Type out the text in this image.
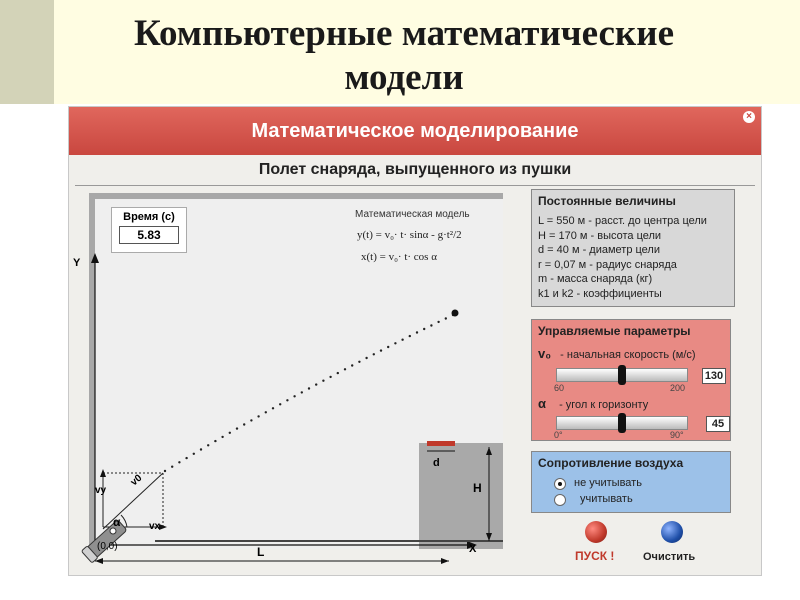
Компьютерные математические
модели
Математическое моделирование
×
Полет снаряда, выпущенного из пушки
Время (с)
5.83
Математическая модель
y(t) = v₀· t· sinα - g·t²/2
x(t) = v₀· t· cos α
Y
X
(0,0)	L
H
d
v0
vx
vy
α
Постоянные величины
L = 550 м - расст. до центра цели
H = 170 м - высота цели
d = 40 м - диаметр цели
r = 0,07 м - радиус снаряда
m - масса снаряда (кг)
k1 и k2 - коэффициенты
Управляемые параметры
v₀ - начальная скорость (м/с)
60	200
130
α - угол к горизонту
0°	90°
45
Сопротивление воздуха
не учитывать
учитывать
ПУСК !	Очистить
